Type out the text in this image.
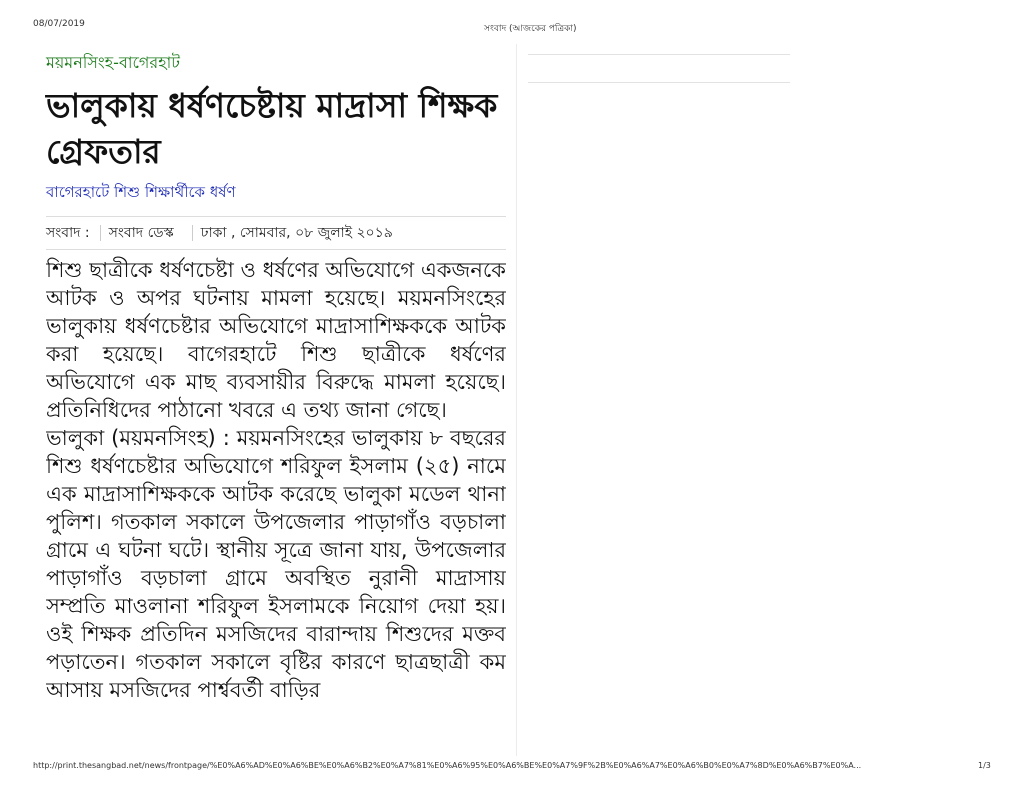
08/07/2019	সংবাদ (আজকের পত্রিকা)
ময়মনসিংহ-বাগেরহাট
ভালুকায় ধর্ষণচেষ্টায় মাদ্রাসা শিক্ষক গ্রেফতার
বাগেরহাটে শিশু শিক্ষার্থীকে ধর্ষণ
সংবাদ :	সংবাদ ডেস্ক	ঢাকা , সোমবার, ০৮ জুলাই ২০১৯

শিশু ছাত্রীকে ধর্ষণচেষ্টা ও ধর্ষণের অভিযোগে একজনকে আটক ও অপর ঘটনায় মামলা হয়েছে। ময়মনসিংহের ভালুকায় ধর্ষণচেষ্টার অভিযোগে মাদ্রাসাশিক্ষককে আটক করা হয়েছে। বাগেরহাটে শিশু ছাত্রীকে ধর্ষণের অভিযোগে এক মাছ ব্যবসায়ীর বিরুদ্ধে মামলা হয়েছে। প্রতিনিধিদের পাঠানো খবরে এ তথ্য জানা গেছে।

ভালুকা (ময়মনসিংহ) : ময়মনসিংহের ভালুকায় ৮ বছরের শিশু ধর্ষণচেষ্টার অভিযোগে শরিফুল ইসলাম (২৫) নামে এক মাদ্রাসাশিক্ষককে আটক করেছে ভালুকা মডেল থানা পুলিশ। গতকাল সকালে উপজেলার পাড়াগাঁও বড়চালা গ্রামে এ ঘটনা ঘটে। স্থানীয় সূত্রে জানা যায়, উপজেলার পাড়াগাঁও বড়চালা গ্রামে অবস্থিত নুরানী মাদ্রাসায় সম্প্রতি মাওলানা শরিফুল ইসলামকে নিয়োগ দেয়া হয়। ওই শিক্ষক প্রতিদিন মসজিদের বারান্দায় শিশুদের মক্তব পড়াতেন। গতকাল সকালে বৃষ্টির কারণে ছাত্রছাত্রী কম আসায় মসজিদের পার্শ্ববর্তী বাড়ির

http://print.thesangbad.net/news/frontpage/%E0%A6%AD%E0%A6%BE%E0%A6%B2%E0%A7%81%E0%A6%95%E0%A6%BE%E0%A7%9F%2B%E0%A6%A7%E0%A6%B0%E0%A7%8D%E0%A6%B7%E0%A...	1/3
